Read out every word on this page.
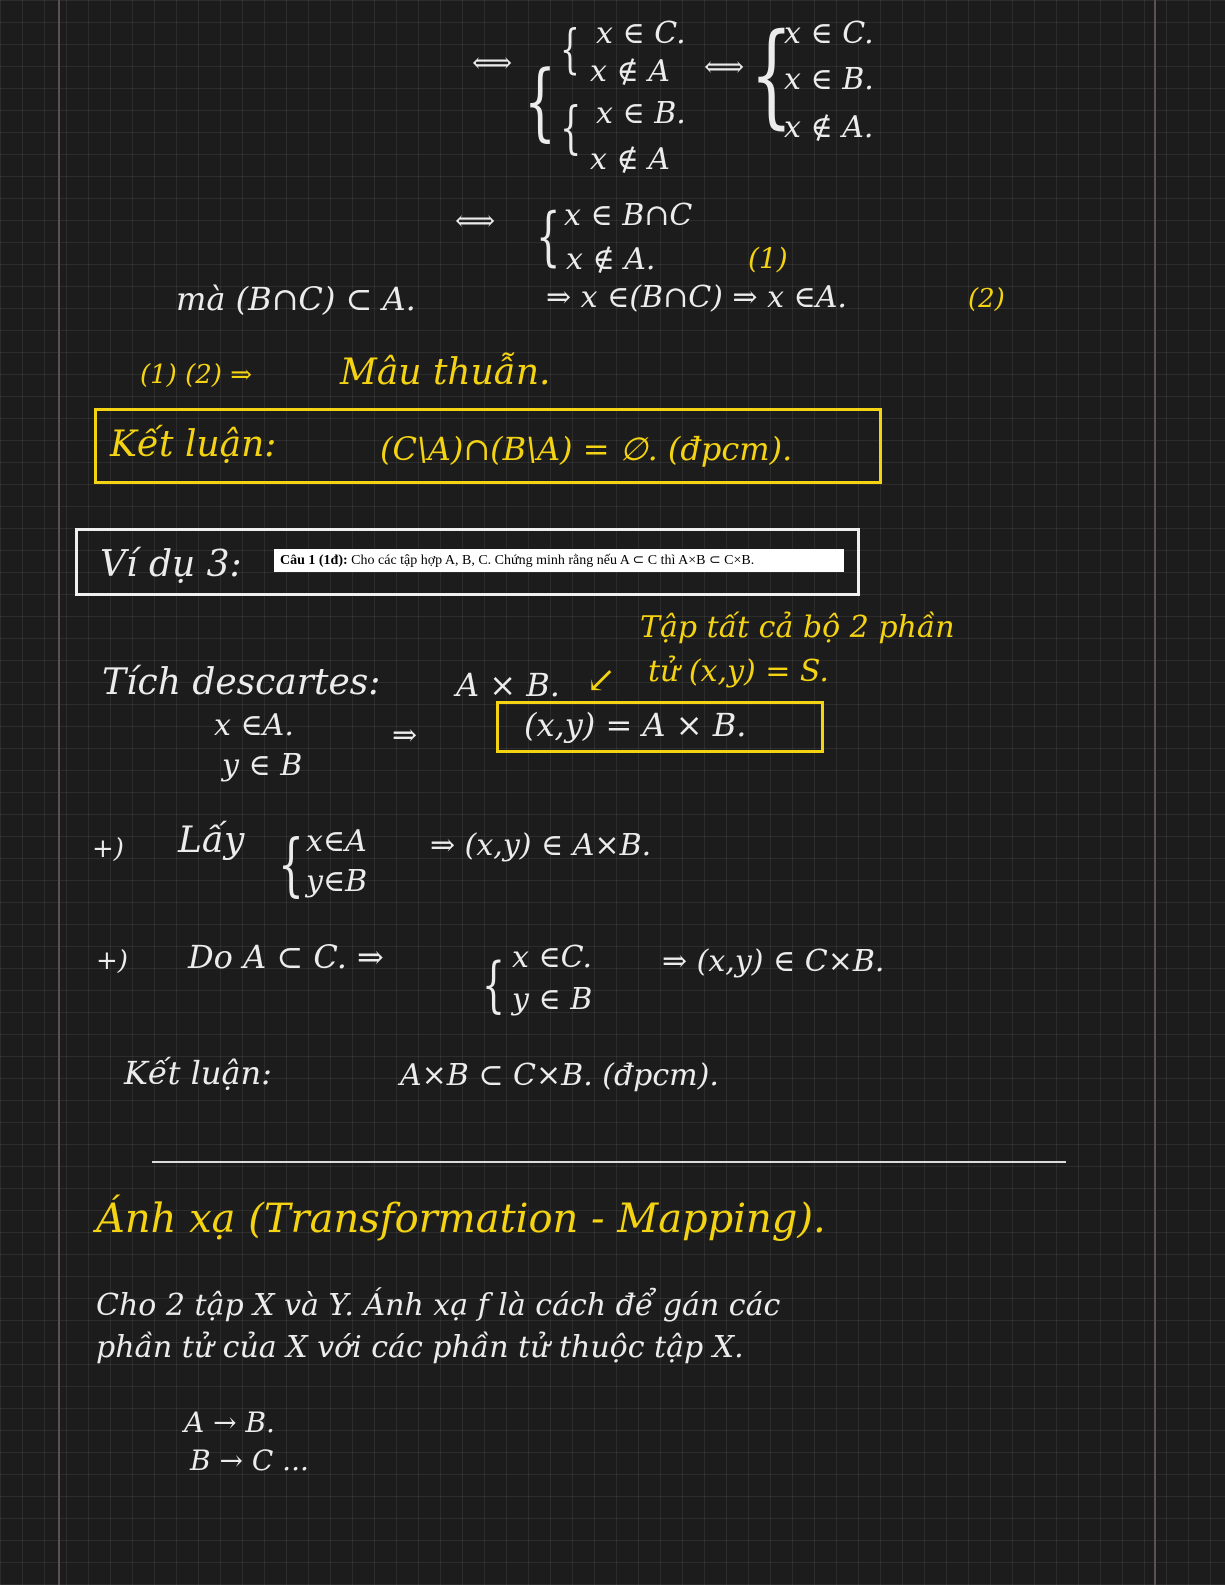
⟺ {
{ x ∈ C.
x ∉ A ⟺
{ x ∈ B.
x ∉ A
{
x ∈ C.
x ∈ B.
x ∉ A.
⟺ { x ∈ B∩C
x ∉ A.	(1)
mà (B∩C) ⊂ A.	⇒ x ∈(B∩C) ⇒ x ∈A.	(2)
(1) (2) ⇒ Mâu thuẫn.
Kết luận:	(C\A)∩(B\A) = ∅. (đpcm).
Ví dụ 3:	Câu 1 (1đ): Cho các tập hợp A, B, C. Chứng minh rằng nếu A ⊂ C thì A×B ⊂ C×B.
Tập tất cả bộ 2 phần
tử (x,y) = S.
Tích descartes: A × B. ↙
x ∈A.	⇒
y ∈ B
(x,y) = A × B.
+) Lấy { x∈A
y∈B
⇒ (x,y) ∈ A×B.
+) Do A ⊂ C. ⇒ { x ∈C.
y ∈ B
⇒ (x,y) ∈ C×B.
Kết luận:	A×B ⊂ C×B. (đpcm).
Ánh xạ (Transformation - Mapping).
Cho 2 tập X và Y. Ánh xạ f là cách để gán các
phần tử của X với các phần tử thuộc tập X.
A → B.
B → C ...
